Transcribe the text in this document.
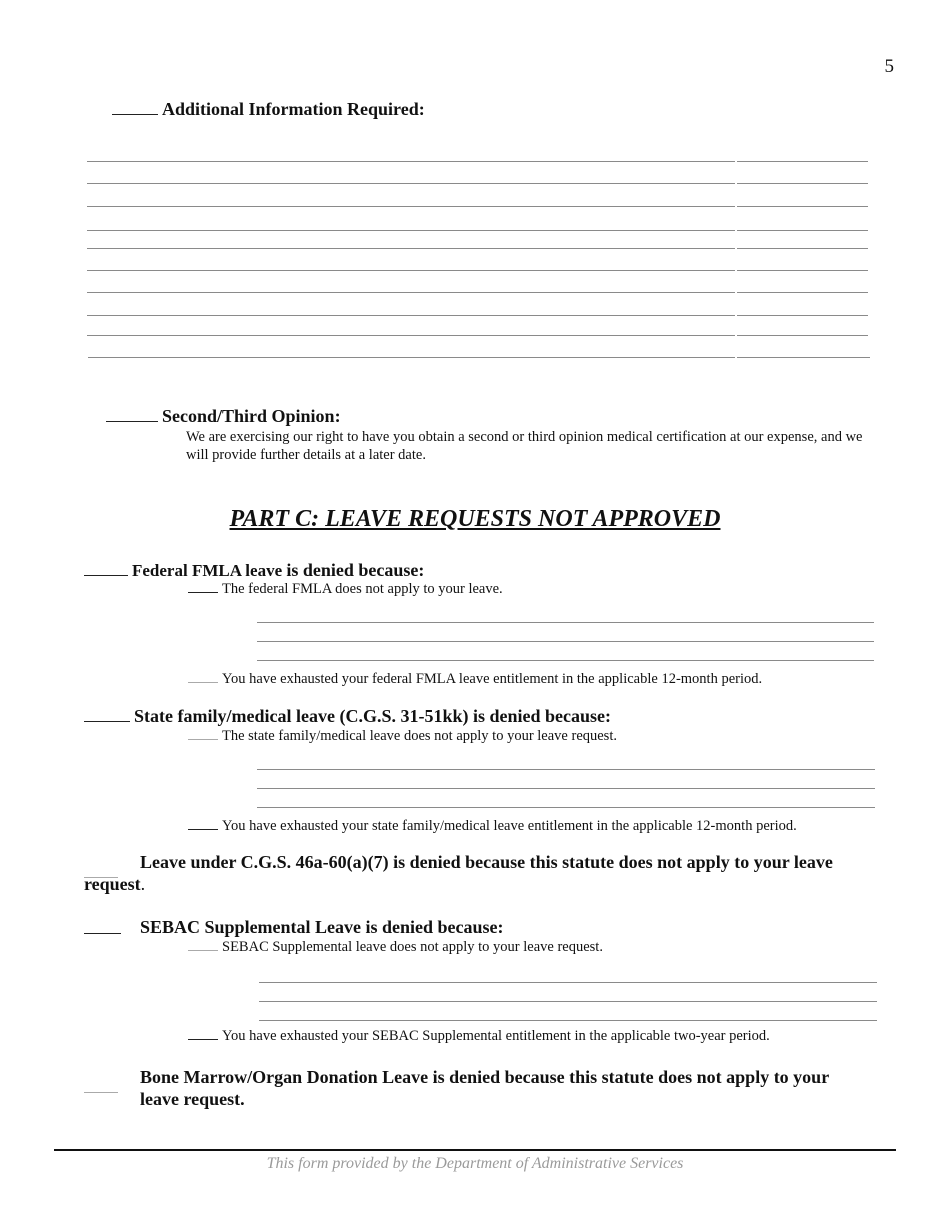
5
Additional Information Required:
Second/Third Opinion:
We are exercising our right to have you obtain a second or third opinion medical certification at our expense, and we will provide further details at a later date.
PART C: LEAVE REQUESTS NOT APPROVED
Federal FMLA leave is denied because:
The federal FMLA does not apply to your leave.
You have exhausted your federal FMLA leave entitlement in the applicable 12-month period.
State family/medical leave (C.G.S. 31-51kk) is denied because:
The state family/medical leave does not apply to your leave request.
You have exhausted your state family/medical leave entitlement in the applicable 12-month period.
Leave under C.G.S. 46a-60(a)(7) is denied because this statute does not apply to your leave
request.
SEBAC Supplemental Leave is denied because:
SEBAC Supplemental leave does not apply to your leave request.
You have exhausted your SEBAC Supplemental entitlement in the applicable two-year period.
Bone Marrow/Organ Donation Leave is denied because this statute does not apply to your
leave request.
This form provided by the Department of Administrative Services
